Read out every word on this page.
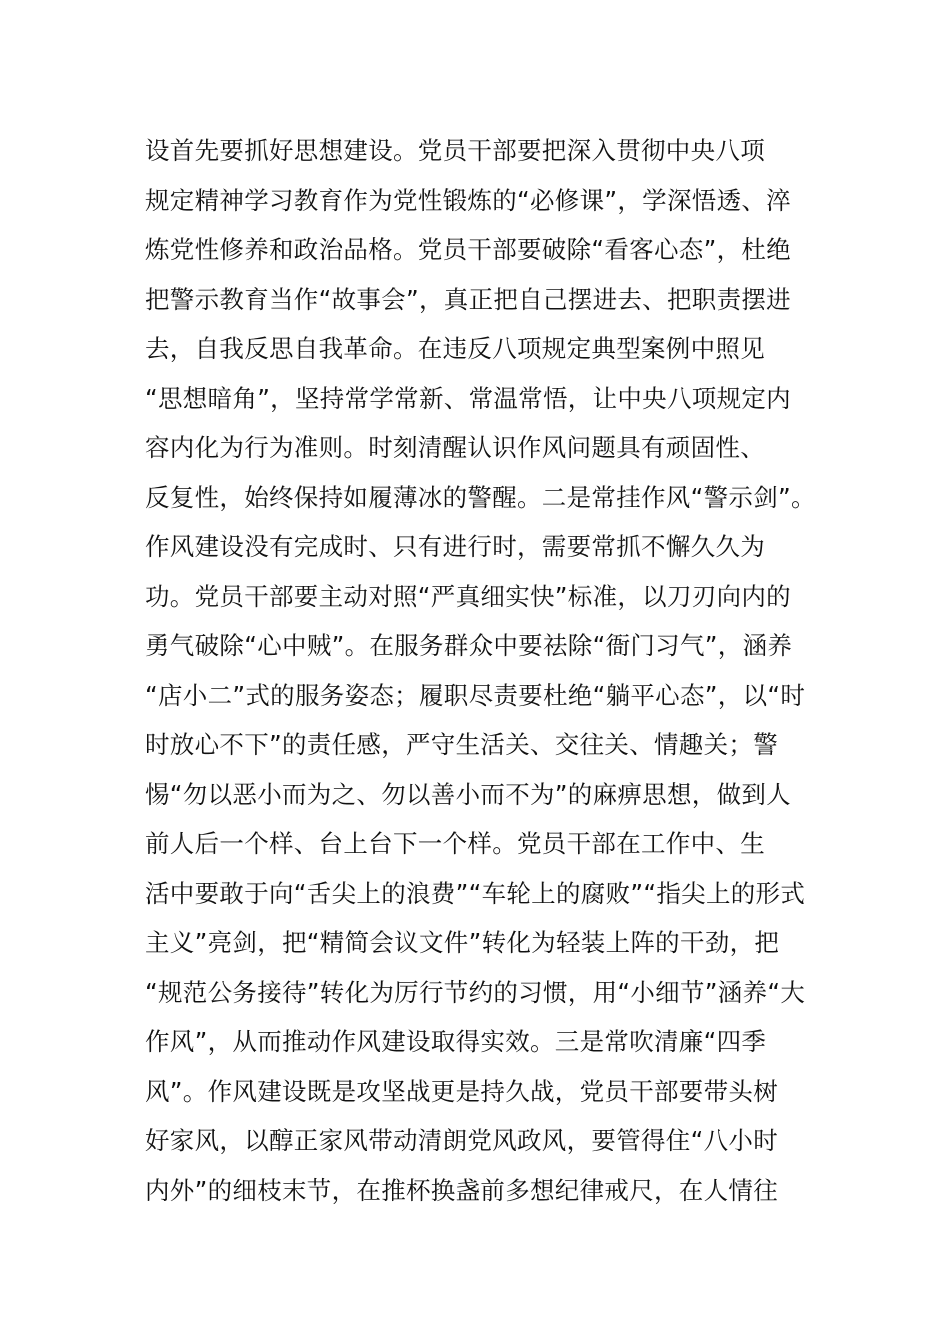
设首先要抓好思想建设。党员干部要把深入贯彻中央八项
规定精神学习教育作为党性锻炼的“必修课”，学深悟透、淬
炼党性修养和政治品格。党员干部要破除“看客心态”，杜绝
把警示教育当作“故事会”，真正把自己摆进去、把职责摆进
去，自我反思自我革命。在违反八项规定典型案例中照见
“思想暗角”，坚持常学常新、常温常悟，让中央八项规定内
容内化为行为准则。时刻清醒认识作风问题具有顽固性、
反复性，始终保持如履薄冰的警醒。二是常挂作风“警示剑”。
作风建设没有完成时、只有进行时，需要常抓不懈久久为
功。党员干部要主动对照“严真细实快”标准，以刀刃向内的
勇气破除“心中贼”。在服务群众中要祛除“衙门习气”，涵养
“店小二”式的服务姿态；履职尽责要杜绝“躺平心态”，以“时
时放心不下”的责任感，严守生活关、交往关、情趣关；警
惕“勿以恶小而为之、勿以善小而不为”的麻痹思想，做到人
前人后一个样、台上台下一个样。党员干部在工作中、生
活中要敢于向“舌尖上的浪费”“车轮上的腐败”“指尖上的形式
主义”亮剑，把“精简会议文件”转化为轻装上阵的干劲，把
“规范公务接待”转化为厉行节约的习惯，用“小细节”涵养“大
作风”，从而推动作风建设取得实效。三是常吹清廉“四季
风”。作风建设既是攻坚战更是持久战，党员干部要带头树
好家风，以醇正家风带动清朗党风政风，要管得住“八小时
内外”的细枝末节，在推杯换盏前多想纪律戒尺，在人情往
